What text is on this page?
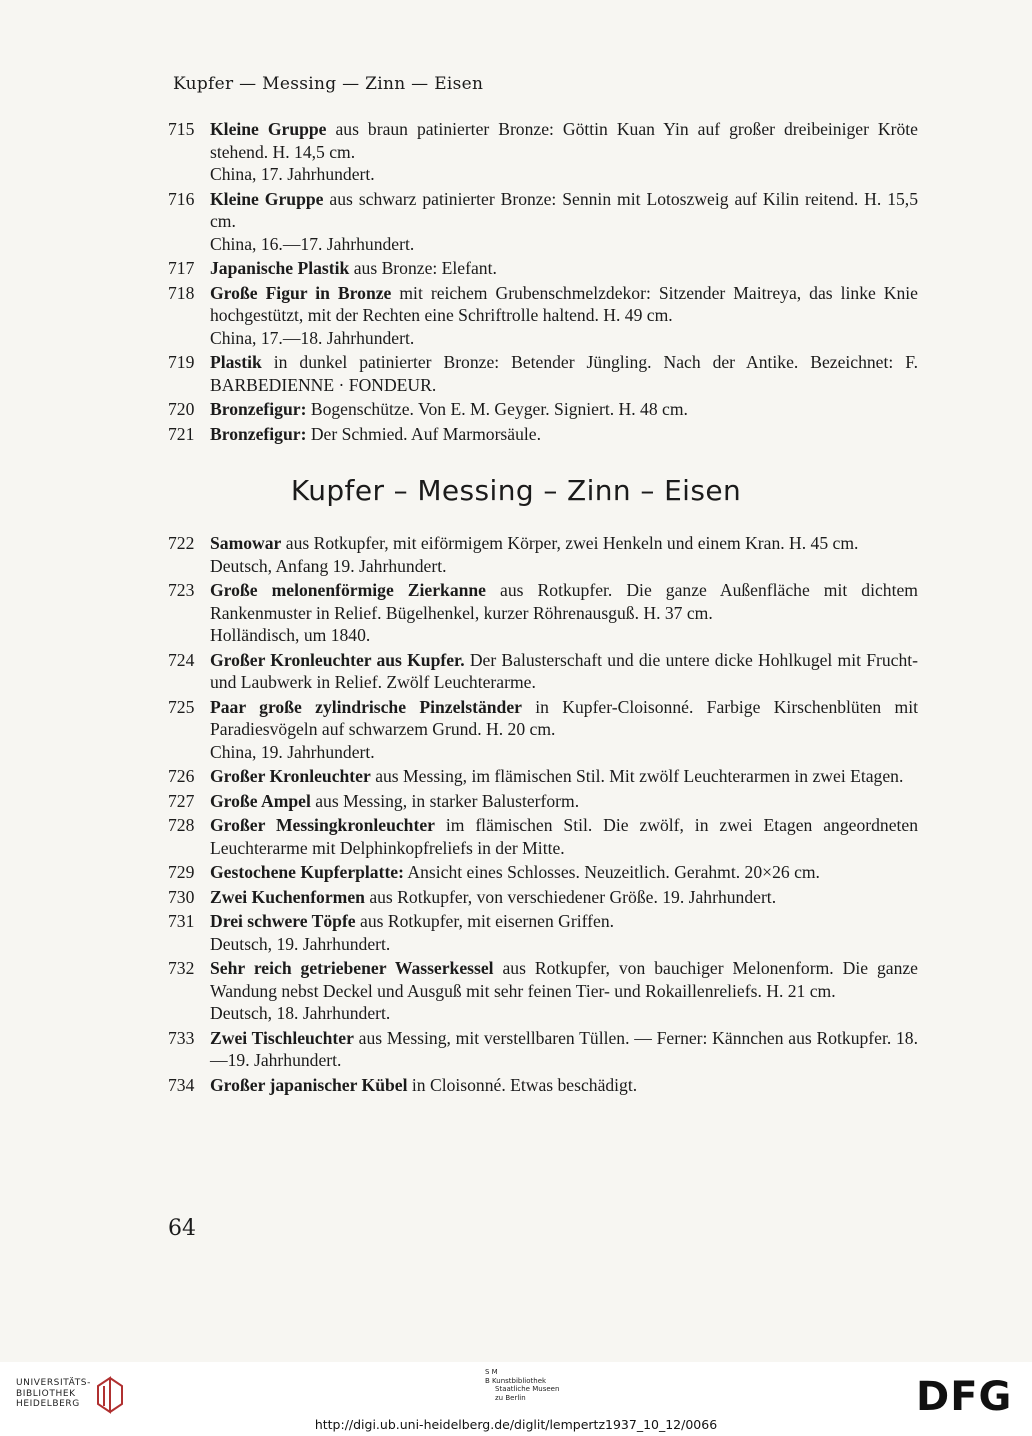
Kupfer — Messing — Zinn — Eisen
715 Kleine Gruppe aus braun patinierter Bronze: Göttin Kuan Yin auf großer dreibeiniger Kröte stehend. H. 14,5 cm.
China, 17. Jahrhundert.
716 Kleine Gruppe aus schwarz patinierter Bronze: Sennin mit Lotoszweig auf Kilin reitend. H. 15,5 cm.
China, 16.—17. Jahrhundert.
717 Japanische Plastik aus Bronze: Elefant.
718 Große Figur in Bronze mit reichem Grubenschmelzdekor: Sitzender Maitreya, das linke Knie hochgestützt, mit der Rechten eine Schriftrolle haltend. H. 49 cm.
China, 17.—18. Jahrhundert.
719 Plastik in dunkel patinierter Bronze: Betender Jüngling. Nach der Antike. Bezeichnet: F. BARBEDIENNE · FONDEUR.
720 Bronzefigur: Bogenschütze. Von E. M. Geyger. Signiert. H. 48 cm.
721 Bronzefigur: Der Schmied. Auf Marmorsäule.
Kupfer – Messing – Zinn – Eisen
722 Samowar aus Rotkupfer, mit eiförmigem Körper, zwei Henkeln und einem Kran. H. 45 cm.
Deutsch, Anfang 19. Jahrhundert.
723 Große melonenförmige Zierkanne aus Rotkupfer. Die ganze Außenfläche mit dichtem Rankenmuster in Relief. Bügelhenkel, kurzer Röhrenausguß. H. 37 cm.
Holländisch, um 1840.
724 Großer Kronleuchter aus Kupfer. Der Balusterschaft und die untere dicke Hohlkugel mit Frucht- und Laubwerk in Relief. Zwölf Leuchterarme.
725 Paar große zylindrische Pinzelständer in Kupfer-Cloisonné. Farbige Kirschenblüten mit Paradiesvögeln auf schwarzem Grund. H. 20 cm.
China, 19. Jahrhundert.
726 Großer Kronleuchter aus Messing, im flämischen Stil. Mit zwölf Leuchterarmen in zwei Etagen.
727 Große Ampel aus Messing, in starker Balusterform.
728 Großer Messingkronleuchter im flämischen Stil. Die zwölf, in zwei Etagen angeordneten Leuchterarme mit Delphinkopfreliefs in der Mitte.
729 Gestochene Kupferplatte: Ansicht eines Schlosses. Neuzeitlich. Gerahmt. 20×26 cm.
730 Zwei Kuchenformen aus Rotkupfer, von verschiedener Größe. 19. Jahrhundert.
731 Drei schwere Töpfe aus Rotkupfer, mit eisernen Griffen.
Deutsch, 19. Jahrhundert.
732 Sehr reich getriebener Wasserkessel aus Rotkupfer, von bauchiger Melonenform. Die ganze Wandung nebst Deckel und Ausguß mit sehr feinen Tier- und Rokaillenreliefs. H. 21 cm.
Deutsch, 18. Jahrhundert.
733 Zwei Tischleuchter aus Messing, mit verstellbaren Tüllen. — Ferner: Kännchen aus Rotkupfer. 18.—19. Jahrhundert.
734 Großer japanischer Kübel in Cloisonné. Etwas beschädigt.
64
UNIVERSITÄTS-
BIBLIOTHEK
HEIDELBERG
S M
B Kunstbibliothek
Staatliche Museen
zu Berlin	DFG
http://digi.ub.uni-heidelberg.de/diglit/lempertz1937_10_12/0066
